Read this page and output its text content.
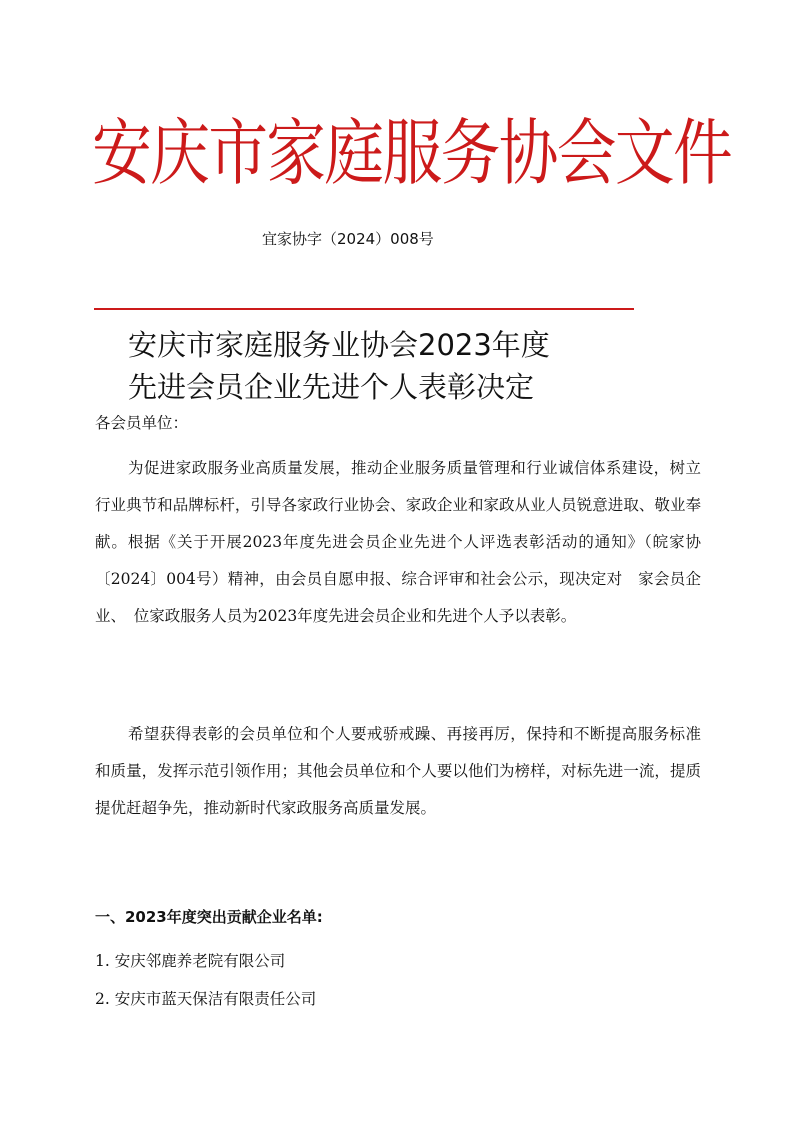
安庆市家庭服务协会文件
宜家协字（2024）008号
安庆市家庭服务业协会2023年度
先进会员企业先进个人表彰决定
各会员单位：
为促进家政服务业高质量发展，推动企业服务质量管理和行业诚信体系建设，树立行业典节和品牌标杆，引导各家政行业协会、家政企业和家政从业人员锐意进取、敬业奉献。根据《关于开展2023年度先进会员企业先进个人评选表彰活动的通知》（皖家协〔2024〕004号）精神，由会员自愿申报、综合评审和社会公示，现决定对　家会员企业、　位家政服务人员为2023年度先进会员企业和先进个人予以表彰。
希望获得表彰的会员单位和个人要戒骄戒躁、再接再厉，保持和不断提高服务标准和质量，发挥示范引领作用；其他会员单位和个人要以他们为榜样，对标先进一流，提质提优赶超争先，推动新时代家政服务高质量发展。
一、2023年度突出贡献企业名单:
1. 安庆邻鹿养老院有限公司
2. 安庆市蓝天保洁有限责任公司
